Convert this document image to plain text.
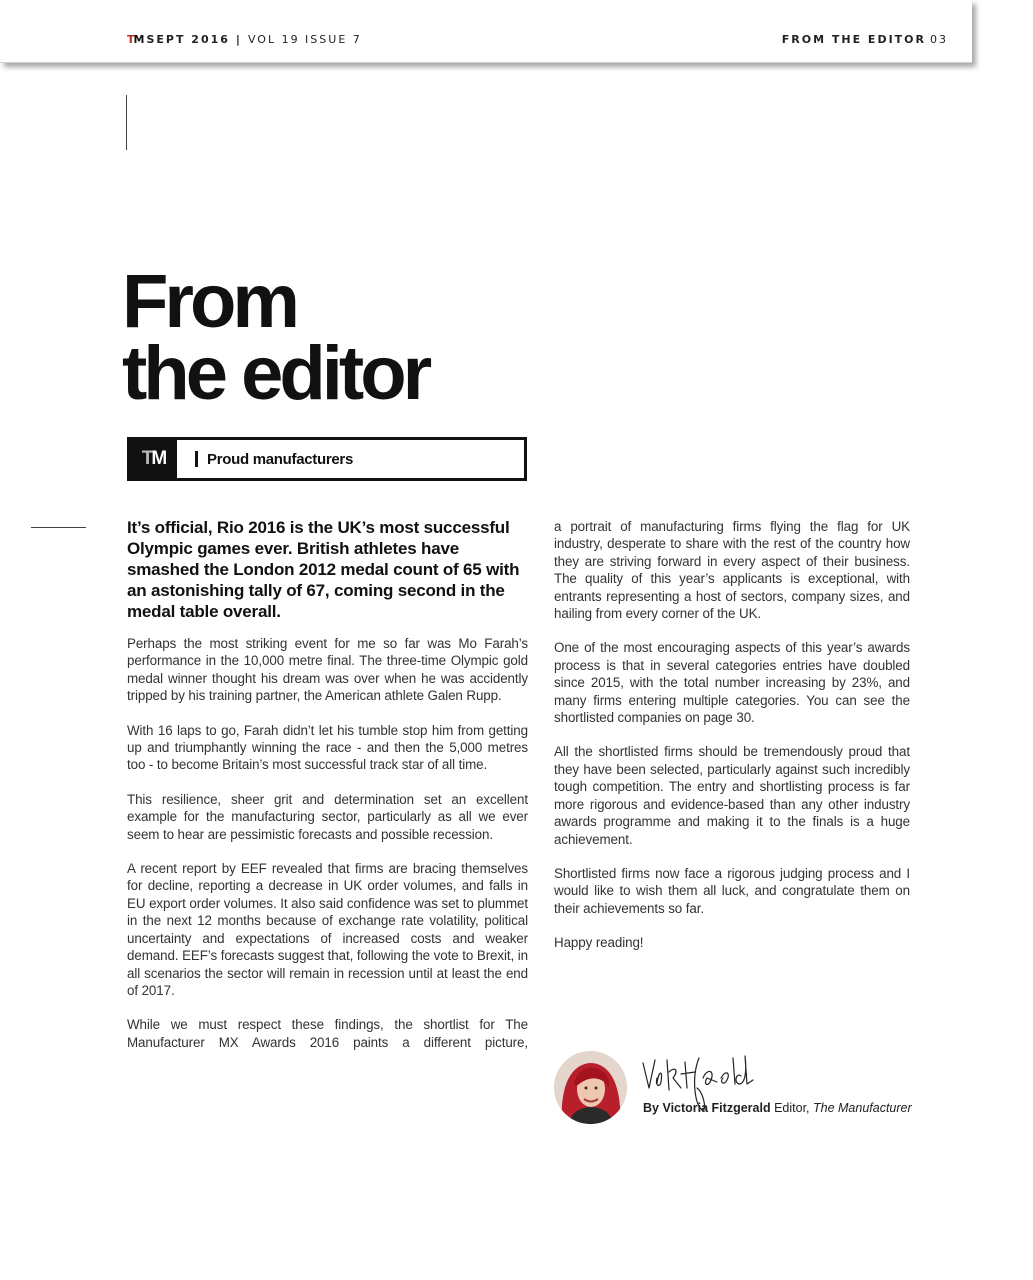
TM SEPT 2016 | VOL 19 ISSUE 7	FROM THE EDITOR 03
From
the editor
T M	Proud manufacturers
It’s official, Rio 2016 is the UK’s most successful Olympic games ever. British athletes have smashed the London 2012 medal count of 65 with an astonishing tally of 67, coming second in the medal table overall.

Perhaps the most striking event for me so far was Mo Farah’s performance in the 10,000 metre final. The three-time Olympic gold medal winner thought his dream was over when he was accidently tripped by his training partner, the American athlete Galen Rupp.

With 16 laps to go, Farah didn’t let his tumble stop him from getting up and triumphantly winning the race - and then the 5,000 metres too - to become Britain’s most successful track star of all time.

This resilience, sheer grit and determination set an excellent example for the manufacturing sector, particularly as all we ever seem to hear are pessimistic forecasts and possible recession.

A recent report by EEF revealed that firms are bracing themselves for decline, reporting a decrease in UK order volumes, and falls in EU export order volumes. It also said confidence was set to plummet in the next 12 months because of exchange rate volatility, political uncertainty and expectations of increased costs and weaker demand. EEF’s forecasts suggest that, following the vote to Brexit, in all scenarios the sector will remain in recession until at least the end of 2017.

While we must respect these findings, the shortlist for The Manufacturer MX Awards 2016 paints a different picture,

a portrait of manufacturing firms flying the flag for UK industry, desperate to share with the rest of the country how they are striving forward in every aspect of their business. The quality of this year’s applicants is exceptional, with entrants representing a host of sectors, company sizes, and hailing from every corner of the UK.

One of the most encouraging aspects of this year’s awards process is that in several categories entries have doubled since 2015, with the total number increasing by 23%, and many firms entering multiple categories. You can see the shortlisted companies on page 30.

All the shortlisted firms should be tremendously proud that they have been selected, particularly against such incredibly tough competition. The entry and shortlisting process is far more rigorous and evidence-based than any other industry awards programme and making it to the finals is a huge achievement.

Shortlisted firms now face a rigorous judging process and I would like to wish them all luck, and congratulate them on their achievements so far.

Happy reading!

By Victoria Fitzgerald Editor, The Manufacturer
